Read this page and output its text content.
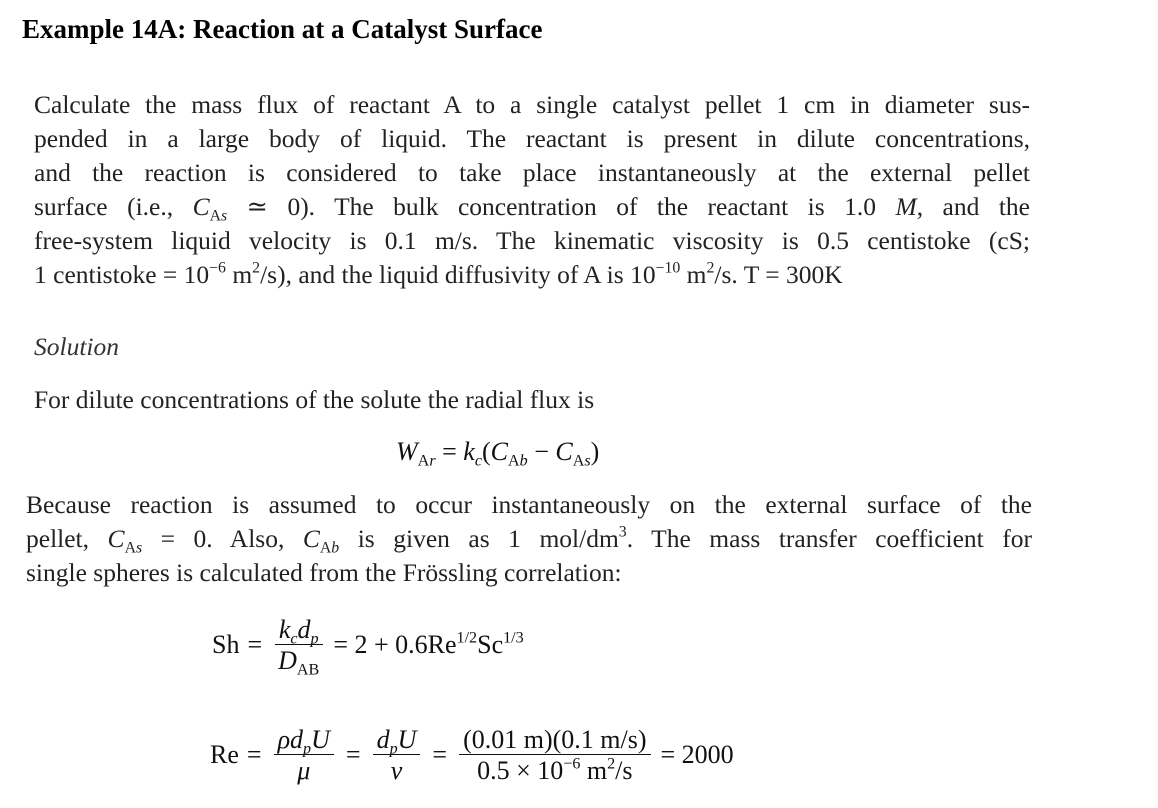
Example 14A: Reaction at a Catalyst Surface
Calculate the mass flux of reactant A to a single catalyst pellet 1 cm in diameter sus-
pended in a large body of liquid. The reactant is present in dilute concentrations,
and the reaction is considered to take place instantaneously at the external pellet
surface (i.e., $C_{As}$ ≃ 0). The bulk concentration of the reactant is 1.0 M, and the
free-system liquid velocity is 0.1 m/s. The kinematic viscosity is 0.5 centistoke (cS;
1 centistoke = $10^{-6}$ $m^2/s$), and the liquid diffusivity of A is $10^{-10}$ $m^2/s$. T = 300K
Solution
For dilute concentrations of the solute the radial flux is
$W_{Ar} = k_c(C_{Ab} - C_{As})$
Because reaction is assumed to occur instantaneously on the external surface of the
pellet, $C_{As} = 0$. Also, $C_{Ab}$ is given as 1 mol/$dm^3$. The mass transfer coefficient for
single spheres is calculated from the Frössling correlation:
$Sh = \frac{k_cd_p}{D_{AB}} = 2 + 0.6Re^{1/2}Sc^{1/3}$
$Re = \frac{\rho d_pU}{\mu} = \frac{d_pU}{\nu} = \frac{(0.01 m)(0.1 m/s)}{0.5 \times 10^{-6} m^2/s} = 2000$
